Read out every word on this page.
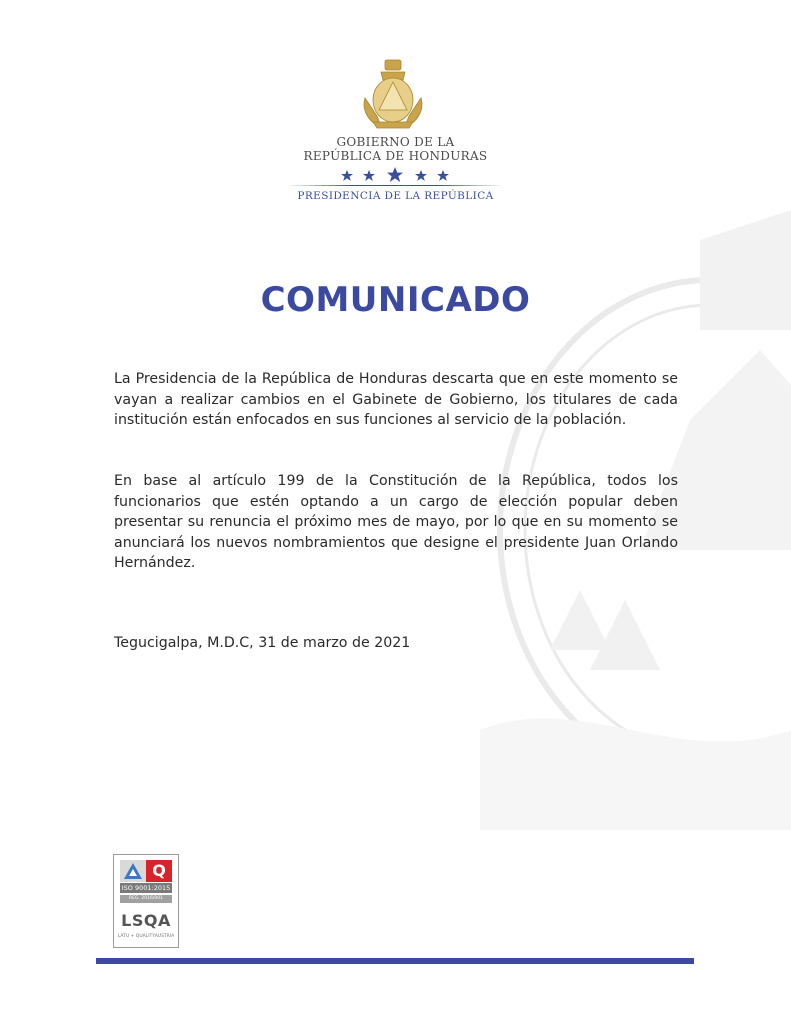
GOBIERNO DE LA
REPÚBLICA DE HONDURAS
PRESIDENCIA DE LA REPÚBLICA
COMUNICADO
La Presidencia de la República de Honduras descarta que en este momento se vayan a realizar cambios en el Gabinete de Gobierno, los titulares de cada institución están enfocados en sus funciones al servicio de la población.
En base al artículo 199 de la Constitución de la República, todos los funcionarios que estén optando a un cargo de elección popular deben presentar su renuncia el próximo mes de mayo, por lo que en su momento se anunciará los nuevos nombramientos que designe el presidente Juan Orlando Hernández.
Tegucigalpa, M.D.C, 31 de marzo de 2021
Q
ISO 9001:2015
REG. 2016/001
LSQA
LATU + QUALITYAUSTRIA
